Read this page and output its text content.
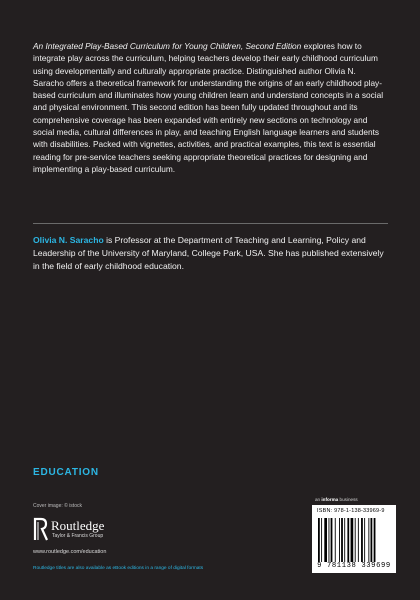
An Integrated Play-Based Curriculum for Young Children, Second Edition explores how to integrate play across the curriculum, helping teachers develop their early childhood curriculum using developmentally and culturally appropriate practice. Distinguished author Olivia N. Saracho offers a theoretical framework for understanding the origins of an early childhood play-based curriculum and illuminates how young children learn and understand concepts in a social and physical environment. This second edition has been fully updated throughout and its comprehensive coverage has been expanded with entirely new sections on technology and social media, cultural differences in play, and teaching English language learners and students with disabilities. Packed with vignettes, activities, and practical examples, this text is essential reading for pre-service teachers seeking appropriate theoretical practices for designing and implementing a play-based curriculum.

Olivia N. Saracho is Professor at the Department of Teaching and Learning, Policy and Leadership of the University of Maryland, College Park, USA. She has published extensively in the field of early childhood education.

EDUCATION
Cover image: © istock
Routledge
Taylor & Francis Group
www.routledge.com/education
Routledge titles are also available as eBook editions in a range of digital formats
an informa business
ISBN: 978-1-138-33969-9
9 781138 339699
